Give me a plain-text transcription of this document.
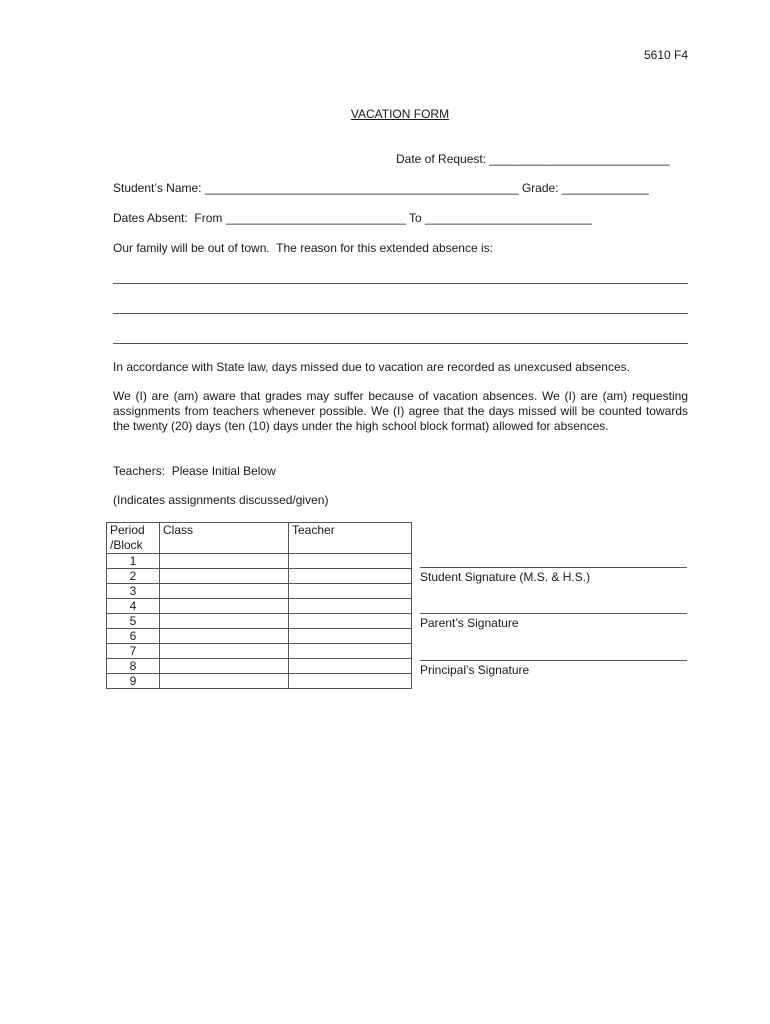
5610 F4
VACATION FORM
Date of Request: ___________________________
Student’s Name: _______________________________________________ Grade: _____________
Dates Absent:  From ___________________________ To _________________________
Our family will be out of town.  The reason for this extended absence is:
In accordance with State law, days missed due to vacation are recorded as unexcused absences.
We (I) are (am) aware that grades may suffer because of vacation absences. We (I) are (am) requesting assignments from teachers whenever possible. We (I) agree that the days missed will be counted towards the twenty (20) days (ten (10) days under the high school block format) allowed for absences.
Teachers:  Please Initial Below
(Indicates assignments discussed/given)
Period /Block	Class	Teacher
1		
2		
3		
4		
5		
6		
7		
8		
9		
Student Signature (M.S. & H.S.)
Parent’s Signature
Principal’s Signature
